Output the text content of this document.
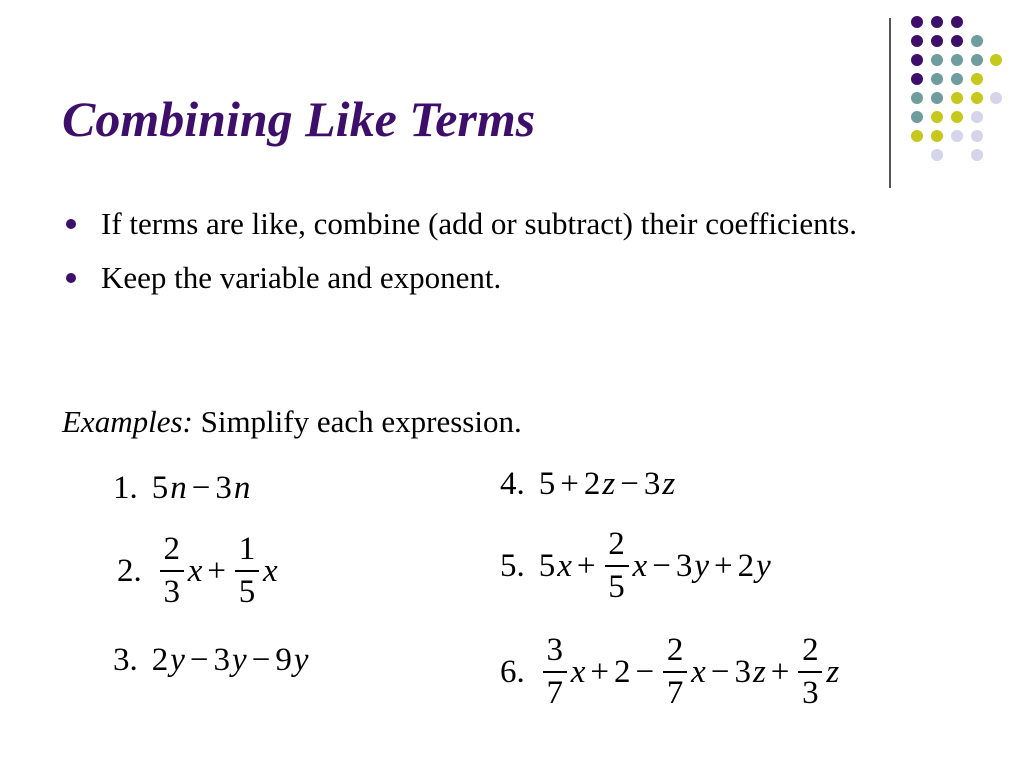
Combining Like Terms
If terms are like, combine (add or subtract) their coefficients.
Keep the variable and exponent.
Examples: Simplify each expression.
1. 5 n − 3 n
2. $\frac{2}{3}$ $x + \frac{1}{5}$ x
3. 2 y − 3 y − 9 y
4. 5 + 2 z − 3 z
5. 5 $x + \frac{2}{5}$ x − 3 y + 2 y
6. $\frac{3}{7}$ $x + 2 - \frac{2}{7}$ x − 3 $z + \frac{2}{3}$ z
